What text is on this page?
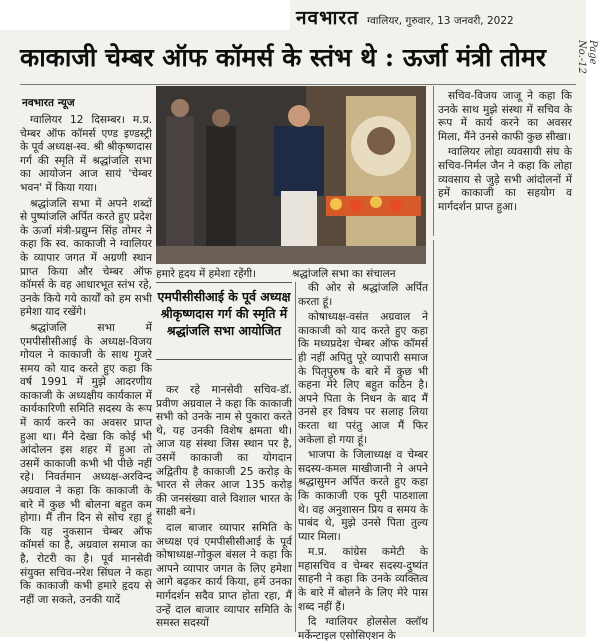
नवभारत ग्वालियर, गुरुवार, 13 जनवरी, 2022
Page No.-12
काकाजी चेम्बर ऑफ कॉमर्स के स्तंभ थे : ऊर्जा मंत्री तोमर
नवभारत न्यूज

ग्वालियर 12 दिसम्बर। म.प्र. चेम्बर ऑफ कॉमर्स एण्ड इण्डस्ट्री के पूर्व अध्यक्ष-स्व. श्री श्रीकृष्णदास गर्ग की स्मृति में श्रद्धांजलि सभा का आयोजन आज सायं 'चेम्बर भवन' में किया गया।

श्रद्धांजलि सभा में अपने शब्दों से पुष्पांजलि अर्पित करते हुए प्रदेश के ऊर्जा मंत्री-प्रद्युम्न सिंह तोमर ने कहा कि स्व. काकाजी ने ग्वालियर के व्यापार जगत में अग्रणी स्थान प्राप्त किया और चेम्बर ऑफ कॉमर्स के वह आधारभूत स्तंभ रहे, उनके किये गये कार्यों को हम सभी हमेशा याद रखेंगे।

श्रद्धांजलि सभा में एमपीसीसीआई के अध्यक्ष-विजय गोयल ने काकाजी के साथ गुजरे समय को याद करते हुए कहा कि वर्ष 1991 में मुझे आदरणीय काकाजी के अध्यक्षीय कार्यकाल में कार्यकारिणी समिति सदस्य के रूप में कार्य करने का अवसर प्राप्त हुआ था। मैंने देखा कि कोई भी आंदोलन इस शहर में हुआ तो उसमें काकाजी कभी भी पीछे नहीं रहे। निवर्तमान अध्यक्ष-अरविन्द अग्रवाल ने कहा कि काकाजी के बारे में कुछ भी बोलना बहुत कम होगा। मैं तीन दिन से सोच रहा हूं कि यह नुकसान चेम्बर ऑफ कॉमर्स का है, अग्रवाल समाज का है, रोटरी का है। पूर्व मानसेवी संयुक्त सचिव-नरेश सिंघल ने कहा कि काकाजी कभी हमारे हृदय से नहीं जा सकते, उनकी यादें

हमारे हृदय में हमेशा रहेंगी।	श्रद्धांजलि सभा का संचालन
एमपीसीसीआई के पूर्व अध्यक्ष श्रीकृष्णदास गर्ग की स्मृति में श्रद्धांजलि सभा आयोजित

कर रहे मानसेवी सचिव-डॉ. प्रवीण अग्रवाल ने कहा कि काकाजी सभी को उनके नाम से पुकारा करते थे, यह उनकी विशेष क्षमता थी। आज यह संस्था जिस स्थान पर है, उसमें काकाजी का योगदान अद्वितीय है काकाजी 25 करोड़ के भारत से लेकर आज 135 करोड़ की जनसंख्या वाले विशाल भारत के साक्षी बने।

दाल बाजार व्यापार समिति के अध्यक्ष एवं एमपीसीसीआई के पूर्व कोषाध्यक्ष-गोकुल बंसल ने कहा कि आपने व्यापार जगत के लिए हमेशा आगे बढ़कर कार्य किया, हमें उनका मार्गदर्शन सदैव प्राप्त होता रहा, मैं उन्हें दाल बाजार व्यापार समिति के समस्त सदस्यों

की ओर से श्रद्धांजलि अर्पित करता हूं।

कोषाध्यक्ष-वसंत अग्रवाल ने काकाजी को याद करते हुए कहा कि मध्यप्रदेश चेम्बर ऑफ कॉमर्स ही नहीं अपितु पूरे व्यापारी समाज के पितृपुरुष के बारे में कुछ भी कहना मेरे लिए बहुत कठिन है। अपने पिता के निधन के बाद मैं उनसे हर विषय पर सलाह लिया करता था परंतु आज मैं फिर अकेला हो गया हूं।

भाजपा के जिलाध्यक्ष व चेम्बर सदस्य-कमल माखीजानी ने अपने श्रद्धासुमन अर्पित करते हुए कहा कि काकाजी एक पूरी पाठशाला थे। वह अनुशासन प्रिय व समय के पाबंद थे, मुझे उनसे पिता तुल्य प्यार मिला।

म.प्र. कांग्रेस कमेटी के महासचिव व चेम्बर सदस्य-दुष्यंत साहनी ने कहा कि उनके व्यक्तित्व के बारे में बोलने के लिए मेरे पास शब्द नहीं हैं।

दि ग्वालियर होलसेल क्लॉथ मर्केन्टाइल एसोसिएशन के

सचिव-विजय जाजू ने कहा कि उनके साथ मुझे संस्था में सचिव के रूप में कार्य करने का अवसर मिला, मैंने उनसे काफी कुछ सीखा।

ग्वालियर लोहा व्यवसायी संघ के सचिव-निर्मल जैन ने कहा कि लोहा व्यवसाय से जुड़े सभी आंदोलनों में हमें काकाजी का सहयोग व मार्गदर्शन प्राप्त हुआ।
